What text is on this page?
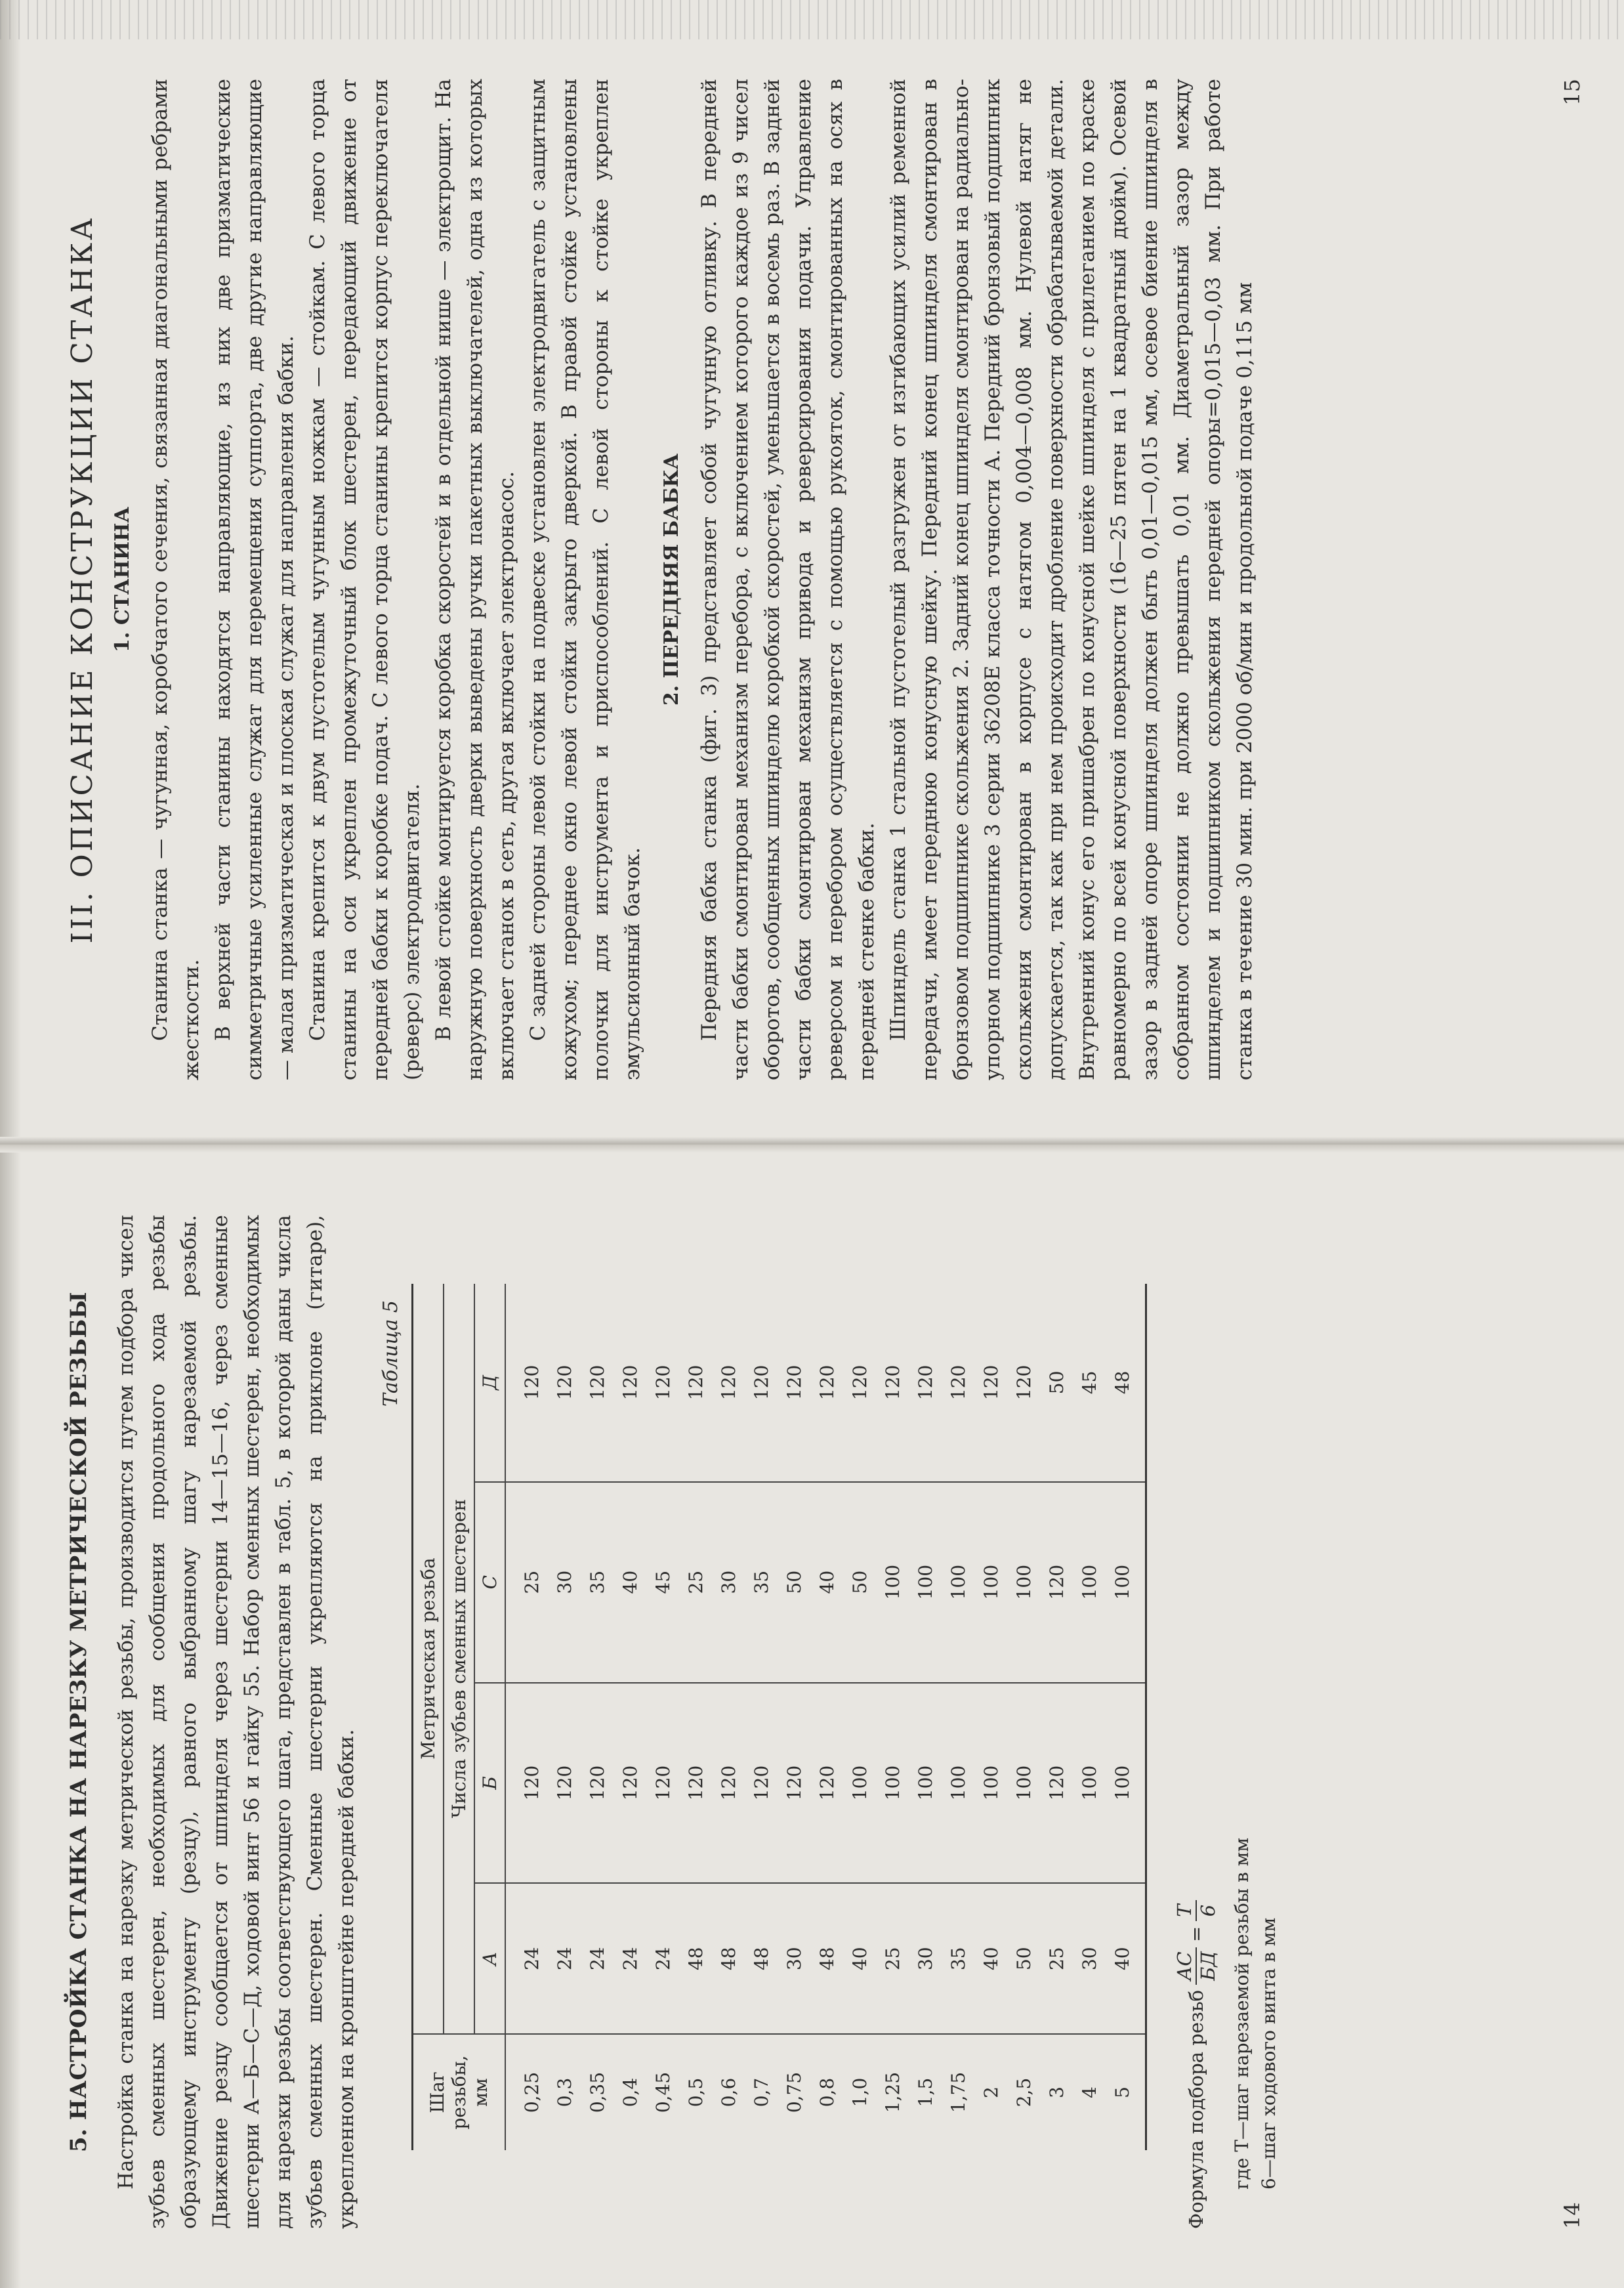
5. НАСТРОЙКА СТАНКА НА НАРЕЗКУ МЕТРИЧЕСКОЙ РЕЗЬБЫ Настройка станка на нарезку метрической резьбы, производится путем подбора чисел зубьев сменных шестерен, необходимых для сообщения продольного хода резьбы образующему инструменту (резцу), равного выбранному шагу нарезаемой резьбы. Движение резцу сообщается от шпинделя через шестерни 14—15—16, через сменные шестерни А—Б—С—Д, ходовой винт 56 и гайку 55. Набор сменных шестерен, необходимых для нарезки резьбы соответствующего шага, представлен в табл. 5, в которой даны числа зубьев сменных шестерен. Сменные шестерни укрепляются на приклоне (гитаре), укрепленном на кронштейне передней бабки.

Таблица 5
Шаг резьбы, мм	Метрическая резьба			
	Числа зубьев сменных шестерен			
	А	Б	С	Д
0,25	24	120	25	120
0,3	24	120	30	120
0,35	24	120	35	120
0,4	24	120	40	120
0,45	24	120	45	120
0,5	48	120	25	120
0,6	48	120	30	120
0,7	48	120	35	120
0,75	30	120	50	120
0,8	48	120	40	120
1,0	40	100	50	120
1,25	25	100	100	120
1,5	30	100	100	120
1,75	35	100	100	120
2	40	100	100	120
2,5	50	100	100	120
3	25	120	120	50
4	30	100	100	45
5	40	100	100	48
Формула подбора резьб
АС БД
=
T 6 где Т—шаг нарезаемой резьбы в мм 6—шаг ходового винта в мм
14
III. ОПИСАНИЕ КОНСТРУКЦИИ СТАНКА 1. СТАНИНА Станина станка — чугунная, коробчатого сечения, связанная диагональными ребрами жесткости. В верхней части станины находятся направляющие, из них две призматические симметричные усиленные служат для перемещения суппорта, две другие направляющие — малая призматическая и плоская служат для направления бабки. Станина крепится к двум пустотелым чугунным ножкам — стойкам. С левого торца станины на оси укреплен промежуточный блок шестерен, передающий движение от передней бабки к коробке подач. С левого торца станины крепится корпус переключателя (реверс) электродвигателя. В левой стойке монтируется коробка скоростей и в отдельной нише — электрощит. На наружную поверхность дверки выведены ручки пакетных выключателей, одна из которых включает станок в сеть, другая включает электронасос. С задней стороны левой стойки на подвеске установлен электродвигатель с защитным кожухом; переднее окно левой стойки закрыто дверкой. В правой стойке установлены полочки для инструмента и приспособлений. С левой стороны к стойке укреплен эмульсионный бачок.

2. ПЕРЕДНЯЯ БАБКА Передняя бабка станка (фиг. 3) представляет собой чугунную отливку. В передней части бабки смонтирован механизм перебора, с включением которого каждое из 9 чисел оборотов, сообщенных шпинделю коробкой скоростей, уменьшается в восемь раз. В задней части бабки смонтирован механизм привода и реверсирования подачи. Управление реверсом и перебором осуществляется с помощью рукояток, смонтированных на осях в передней стенке бабки. Шпиндель станка 1 стальной пустотелый разгружен от изгибающих усилий ременной передачи, имеет переднюю конусную шейку. Передний конец шпинделя смонтирован в бронзовом подшипнике скольжения 2. Задний конец шпинделя смонтирован на радиально-упорном подшипнике 3 серии 36208Е класса точности А. Передний бронзовый подшипник скольжения смонтирован в корпусе с натягом 0,004—0,008 мм. Нулевой натяг не допускается, так как при нем происходит дробление поверхности обрабатываемой детали. Внутренний конус его пришабрен по конусной шейке шпинделя с прилеганием по краске равномерно по всей конусной поверхности (16—25 пятен на 1 квадратный дюйм). Осевой зазор в задней опоре шпинделя должен быть 0,01—0,015 мм, осевое биение шпинделя в собранном состоянии не должно превышать 0,01 мм. Диаметральный зазор между шпинделем и подшипником скольжения передней опоры=0,015—0,03 мм. При работе станка в течение 30 мин. при 2000 об/мин и продольной подаче 0,115 мм

15
